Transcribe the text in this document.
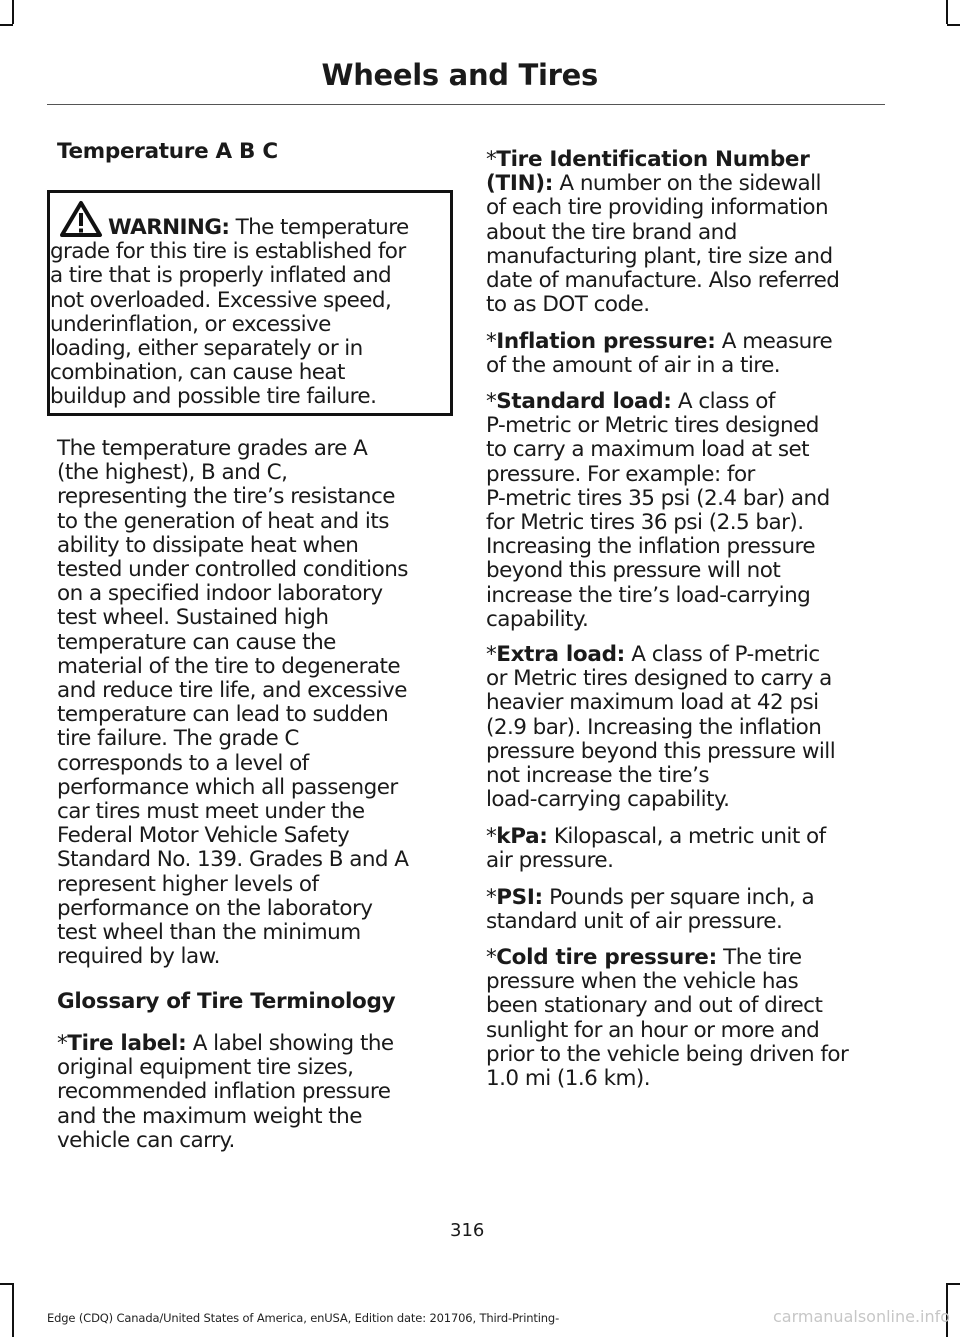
Wheels and Tires
Temperature A B C
WARNING: The temperature
grade for this tire is established for
a tire that is properly inflated and
not overloaded. Excessive speed,
underinflation, or excessive
loading, either separately or in
combination, can cause heat
buildup and possible tire failure.
The temperature grades are A
(the highest), B and C,
representing the tire’s resistance
to the generation of heat and its
ability to dissipate heat when
tested under controlled conditions
on a specified indoor laboratory
test wheel. Sustained high
temperature can cause the
material of the tire to degenerate
and reduce tire life, and excessive
temperature can lead to sudden
tire failure. The grade C
corresponds to a level of
performance which all passenger
car tires must meet under the
Federal Motor Vehicle Safety
Standard No. 139. Grades B and A
represent higher levels of
performance on the laboratory
test wheel than the minimum
required by law.
Glossary of Tire Terminology
*Tire label: A label showing the
original equipment tire sizes,
recommended inflation pressure
and the maximum weight the
vehicle can carry.
*Tire Identification Number
(TIN): A number on the sidewall
of each tire providing information
about the tire brand and
manufacturing plant, tire size and
date of manufacture. Also referred
to as DOT code.
*Inflation pressure: A measure
of the amount of air in a tire.
*Standard load: A class of
P-metric or Metric tires designed
to carry a maximum load at set
pressure. For example: for
P-metric tires 35 psi (2.4 bar) and
for Metric tires 36 psi (2.5 bar).
Increasing the inflation pressure
beyond this pressure will not
increase the tire’s load-carrying
capability.
*Extra load: A class of P-metric
or Metric tires designed to carry a
heavier maximum load at 42 psi
(2.9 bar). Increasing the inflation
pressure beyond this pressure will
not increase the tire’s
load-carrying capability.
*kPa: Kilopascal, a metric unit of
air pressure.
*PSI: Pounds per square inch, a
standard unit of air pressure.
*Cold tire pressure: The tire
pressure when the vehicle has
been stationary and out of direct
sunlight for an hour or more and
prior to the vehicle being driven for
1.0 mi (1.6 km).
316
Edge (CDQ) Canada/United States of America, enUSA, Edition date: 201706, Third-Printing-	carmanualsonline.info
